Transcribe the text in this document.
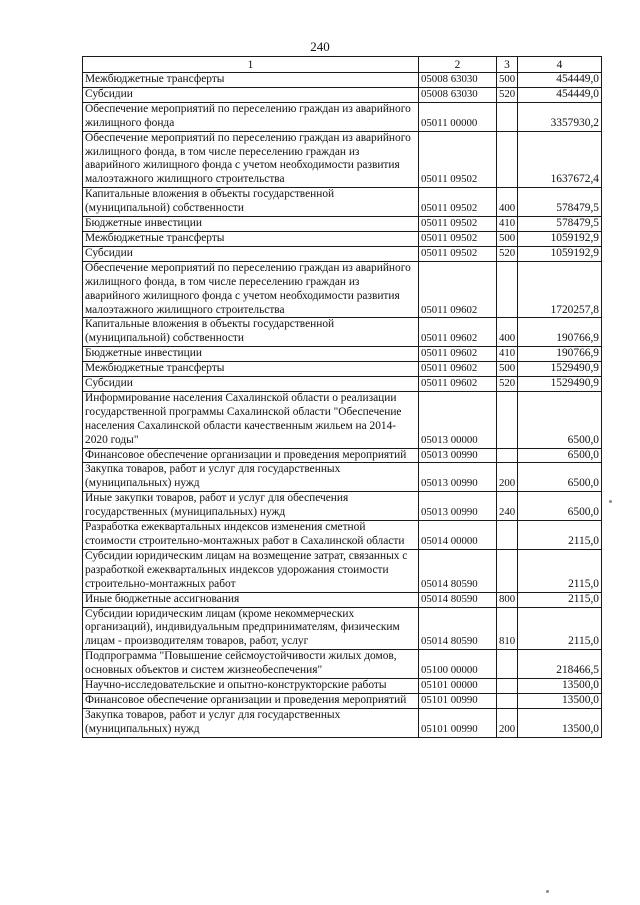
240
1	2	3	4
Межбюджетные трансферты	05008 63030	500	454449,0
Субсидии	05008 63030	520	454449,0
Обеспечение мероприятий по переселению граждан из аварийного жилищного фонда	05011 00000		3357930,2
Обеспечение мероприятий по переселению граждан из аварийного жилищного фонда, в том числе переселению граждан из аварийного жилищного фонда с учетом необходимости развития малоэтажного жилищного строительства	05011 09502		1637672,4
Капитальные вложения в объекты государственной (муниципальной) собственности	05011 09502	400	578479,5
Бюджетные инвестиции	05011 09502	410	578479,5
Межбюджетные трансферты	05011 09502	500	1059192,9
Субсидии	05011 09502	520	1059192,9
Обеспечение мероприятий по переселению граждан из аварийного жилищного фонда, в том числе переселению граждан из аварийного жилищного фонда с учетом необходимости развития малоэтажного жилищного строительства	05011 09602		1720257,8
Капитальные вложения в объекты государственной (муниципальной) собственности	05011 09602	400	190766,9
Бюджетные инвестиции	05011 09602	410	190766,9
Межбюджетные трансферты	05011 09602	500	1529490,9
Субсидии	05011 09602	520	1529490,9
Информирование населения Сахалинской области о реализации государственной программы Сахалинской области "Обеспечение населения Сахалинской области качественным жильем на 2014-2020 годы"	05013 00000		6500,0
Финансовое обеспечение организации и проведения мероприятий	05013 00990		6500,0
Закупка товаров, работ и услуг для государственных (муниципальных) нужд	05013 00990	200	6500,0
Иные закупки товаров, работ и услуг для обеспечения государственных (муниципальных) нужд	05013 00990	240	6500,0
Разработка ежеквартальных индексов изменения сметной стоимости строительно-монтажных работ в Сахалинской области	05014 00000		2115,0
Субсидии юридическим лицам на возмещение затрат, связанных с разработкой ежеквартальных индексов удорожания стоимости строительно-монтажных работ	05014 80590		2115,0
Иные бюджетные ассигнования	05014 80590	800	2115,0
Субсидии юридическим лицам (кроме некоммерческих организаций), индивидуальным предпринимателям, физическим лицам - производителям товаров, работ, услуг	05014 80590	810	2115,0
Подпрограмма "Повышение сейсмоустойчивости жилых домов, основных объектов и систем жизнеобеспечения"	05100 00000		218466,5
Научно-исследовательские и опытно-конструкторские работы	05101 00000		13500,0
Финансовое обеспечение организации и проведения мероприятий	05101 00990		13500,0
Закупка товаров, работ и услуг для государственных (муниципальных) нужд	05101 00990	200	13500,0
